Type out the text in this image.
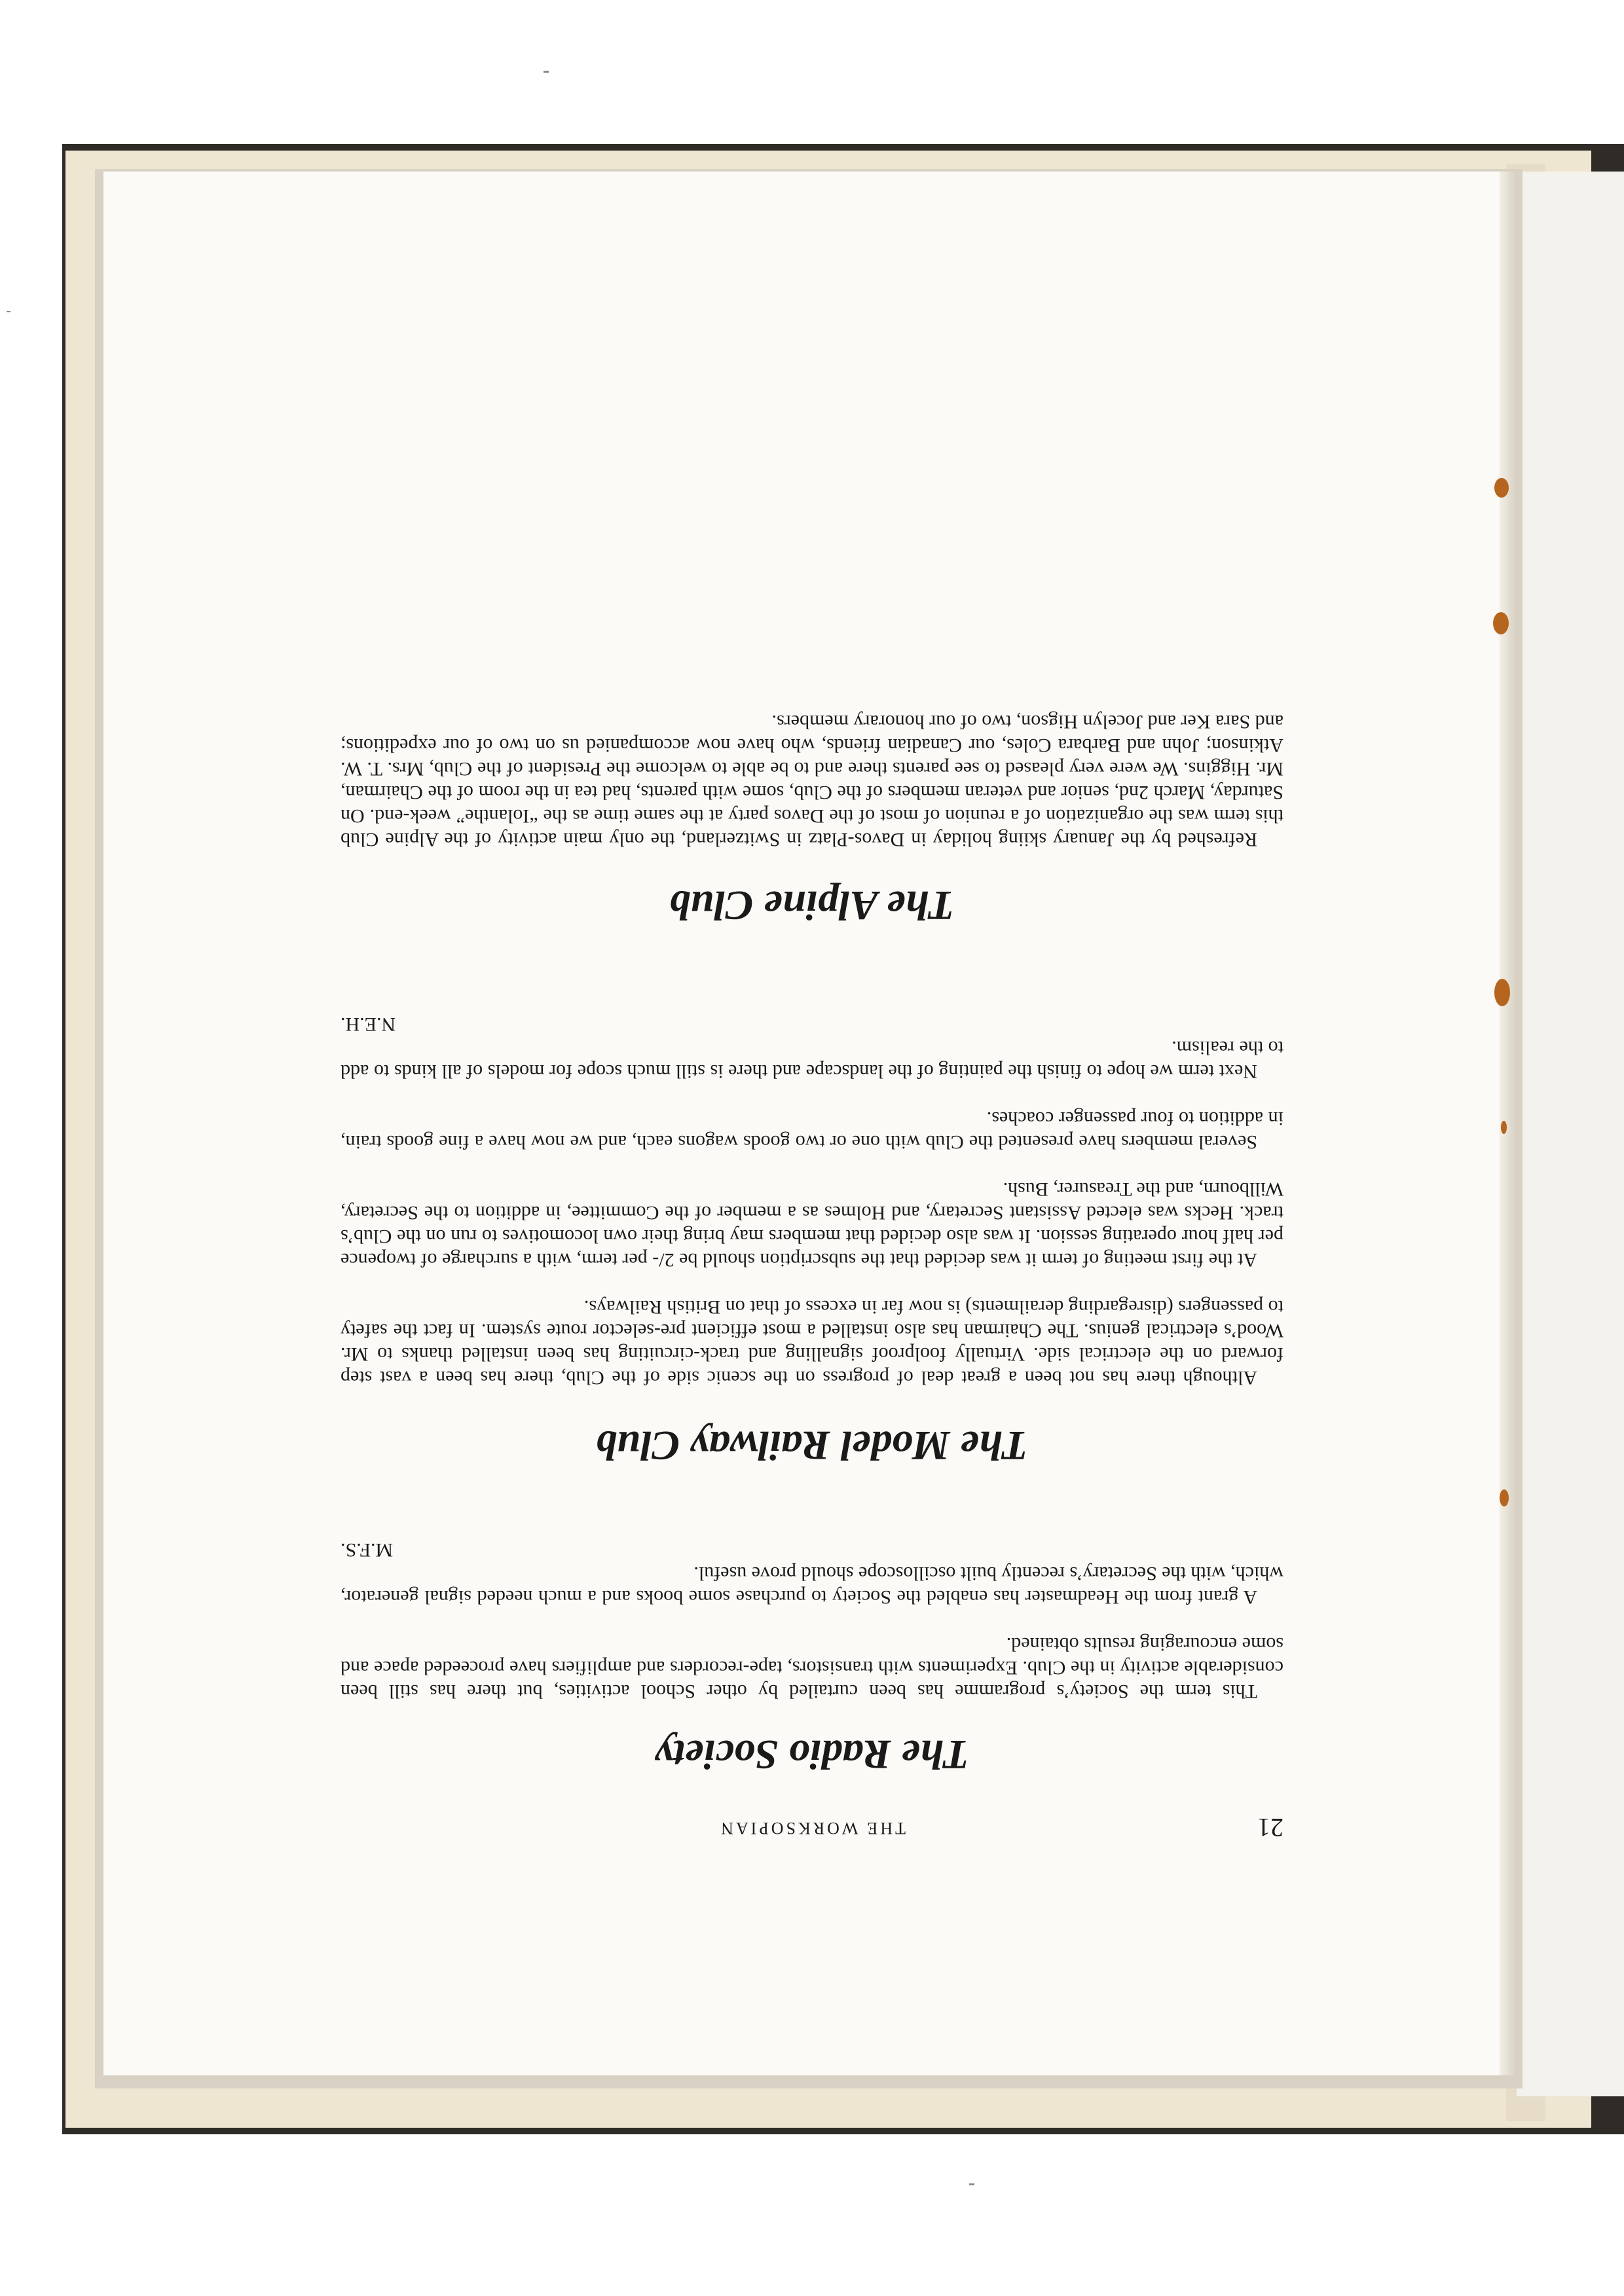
21
THE WORKSOPIAN
The Radio Society

This term the Society’s programme has been curtailed by other School activities, but there has still been considerable activity in the Club. Experiments with transistors, tape-recorders and amplifiers have proceeded apace and some encouraging results obtained.

A grant from the Headmaster has enabled the Society to purchase some books and a much needed signal generator, which, with the Secretary’s recently built oscilloscope should prove useful.

M.F.S.
The Model Railway Club

Although there has not been a great deal of progress on the scenic side of the Club, there has been a vast step forward on the electrical side. Virtually foolproof signalling and track-circuiting has been installed thanks to Mr. Wood’s electrical genius. The Chairman has also installed a most efficient pre-selector route system. In fact the safety to passengers (disregarding derailments) is now far in excess of that on British Railways.

At the first meeting of term it was decided that the subscription should be 2/- per term, with a surcharge of twopence per half hour operating session. It was also decided that members may bring their own locomotives to run on the Club’s track. Hecks was elected Assistant Secretary, and Holmes as a member of the Committee, in addition to the Secretary, Willbourn, and the Treasurer, Bush.

Several members have presented the Club with one or two goods wagons each, and we now have a fine goods train, in addition to four passenger coaches.

Next term we hope to finish the painting of the landscape and there is still much scope for models of all kinds to add to the realism.

N.E.H.
The Alpine Club

Refreshed by the January skiing holiday in Davos-Platz in Switzerland, the only main activity of the Alpine Club this term was the organization of a reunion of most of the Davos party at the same time as the “Iolanthe” week-end. On Saturday, March 2nd, senior and veteran members of the Club, some with parents, had tea in the room of the Chairman, Mr. Higgins. We were very pleased to see parents there and to be able to welcome the President of the Club, Mrs. T. W. Atkinson; John and Barbara Coles, our Canadian friends, who have now accompanied us on two of our expeditions; and Sara Ker and Jocelyn Higson, two of our honorary members.
